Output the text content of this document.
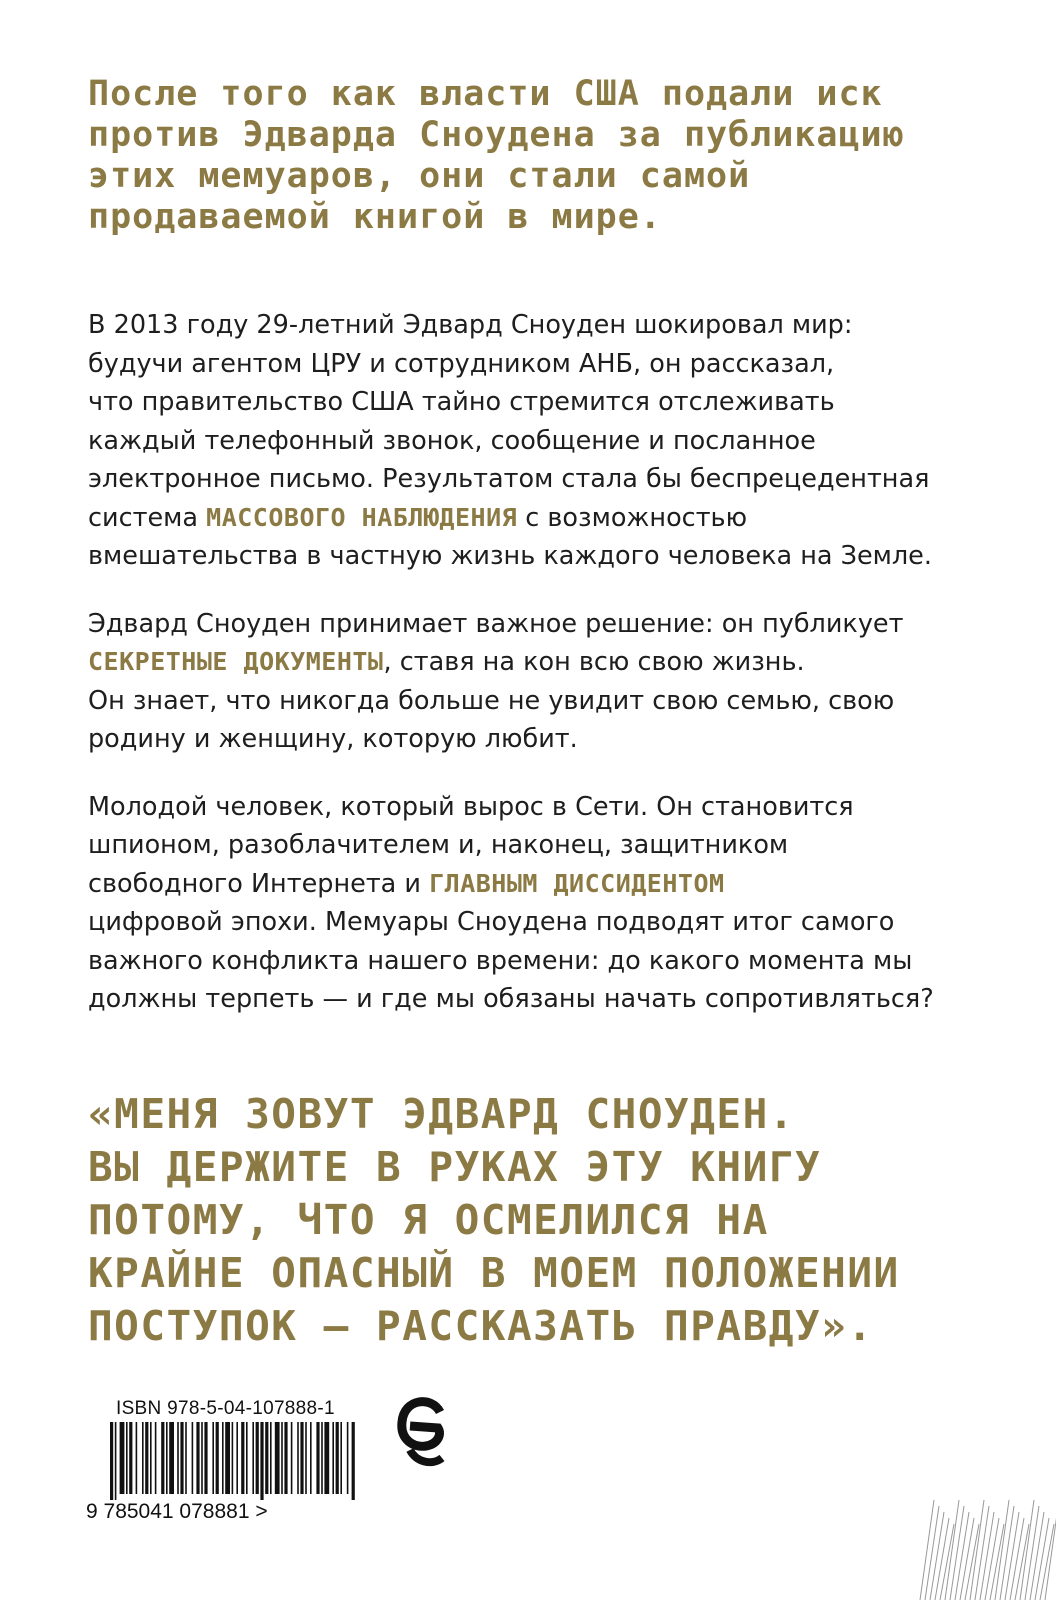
После того как власти США подали иск
против Эдварда Сноудена за публикацию
этих мемуаров, они стали самой
продаваемой книгой в мире.

В 2013 году 29-летний Эдвард Сноуден шокировал мир:
будучи агентом ЦРУ и сотрудником АНБ, он рассказал,
что правительство США тайно стремится отслеживать
каждый телефонный звонок, сообщение и посланное
электронное письмо. Результатом стала бы беспрецедентная
система МАССОВОГО НАБЛЮДЕНИЯ с возможностью
вмешательства в частную жизнь каждого человека на Земле.

Эдвард Сноуден принимает важное решение: он публикует
СЕКРЕТНЫЕ ДОКУМЕНТЫ, ставя на кон всю свою жизнь.
Он знает, что никогда больше не увидит свою семью, свою
родину и женщину, которую любит.

Молодой человек, который вырос в Сети. Он становится
шпионом, разоблачителем и, наконец, защитником
свободного Интернета и ГЛАВНЫМ ДИССИДЕНТОМ
цифровой эпохи. Мемуары Сноудена подводят итог самого
важного конфликта нашего времени: до какого момента мы
должны терпеть — и где мы обязаны начать сопротивляться?

«МЕНЯ ЗОВУТ ЭДВАРД СНОУДЕН.
ВЫ ДЕРЖИТЕ В РУКАХ ЭТУ КНИГУ
ПОТОМУ, ЧТО Я ОСМЕЛИЛСЯ НА
КРАЙНЕ ОПАСНЫЙ В МОЕМ ПОЛОЖЕНИИ
ПОСТУПОК – РАССКАЗАТЬ ПРАВДУ».
ISBN 978-5-04-107888-1
9 785041 078881 >
